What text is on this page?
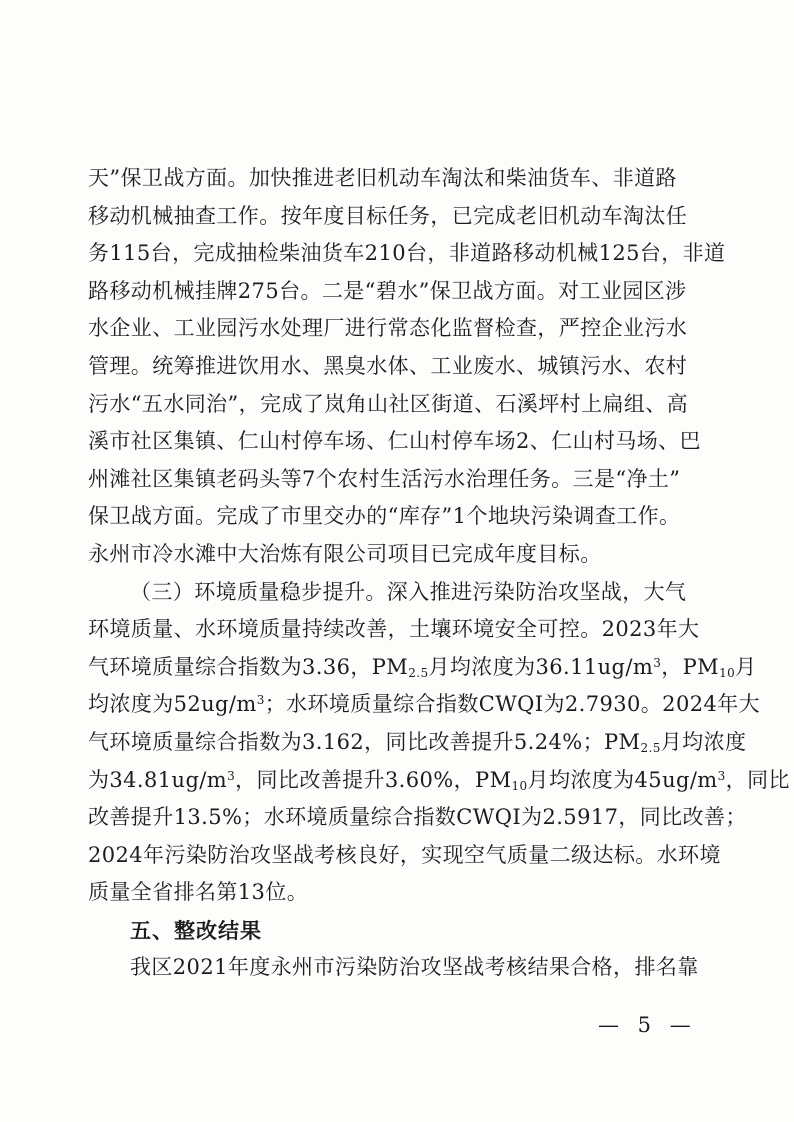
天”保卫战方面。加快推进老旧机动车淘汰和柴油货车、非道路
移动机械抽查工作。按年度目标任务，已完成老旧机动车淘汰任
务115台，完成抽检柴油货车210台，非道路移动机械125台，非道
路移动机械挂牌275台。二是“碧水”保卫战方面。对工业园区涉
水企业、工业园污水处理厂进行常态化监督检查，严控企业污水
管理。统筹推进饮用水、黑臭水体、工业废水、城镇污水、农村
污水“五水同治”，完成了岚角山社区街道、石溪坪村上扁组、高
溪市社区集镇、仁山村停车场、仁山村停车场2、仁山村马场、巴
州滩社区集镇老码头等7个农村生活污水治理任务。三是“净土”
保卫战方面。完成了市里交办的“库存”1个地块污染调查工作。
永州市冷水滩中大治炼有限公司项目已完成年度目标。
（三）环境质量稳步提升。深入推进污染防治攻坚战，大气
环境质量、水环境质量持续改善，土壤环境安全可控。2023年大
气环境质量综合指数为3.36，$PM_{2.5}$月均浓度为$36.11ug/m^3$，$PM_{10}$月
均浓度为$52ug/m^3$；水环境质量综合指数CWQI为2.7930。2024年大
气环境质量综合指数为3.162，同比改善提升5.24%；$PM_{2.5}$月均浓度
为$34.81ug/m^3$，同比改善提升3.60%，$PM_{10}$月均浓度为$45ug/m^3$，同比
改善提升13.5%；水环境质量综合指数CWQI为2.5917，同比改善；
2024年污染防治攻坚战考核良好，实现空气质量二级达标。水环境
质量全省排名第13位。
五、整改结果
我区2021年度永州市污染防治攻坚战考核结果合格，排名靠
— 5 —
